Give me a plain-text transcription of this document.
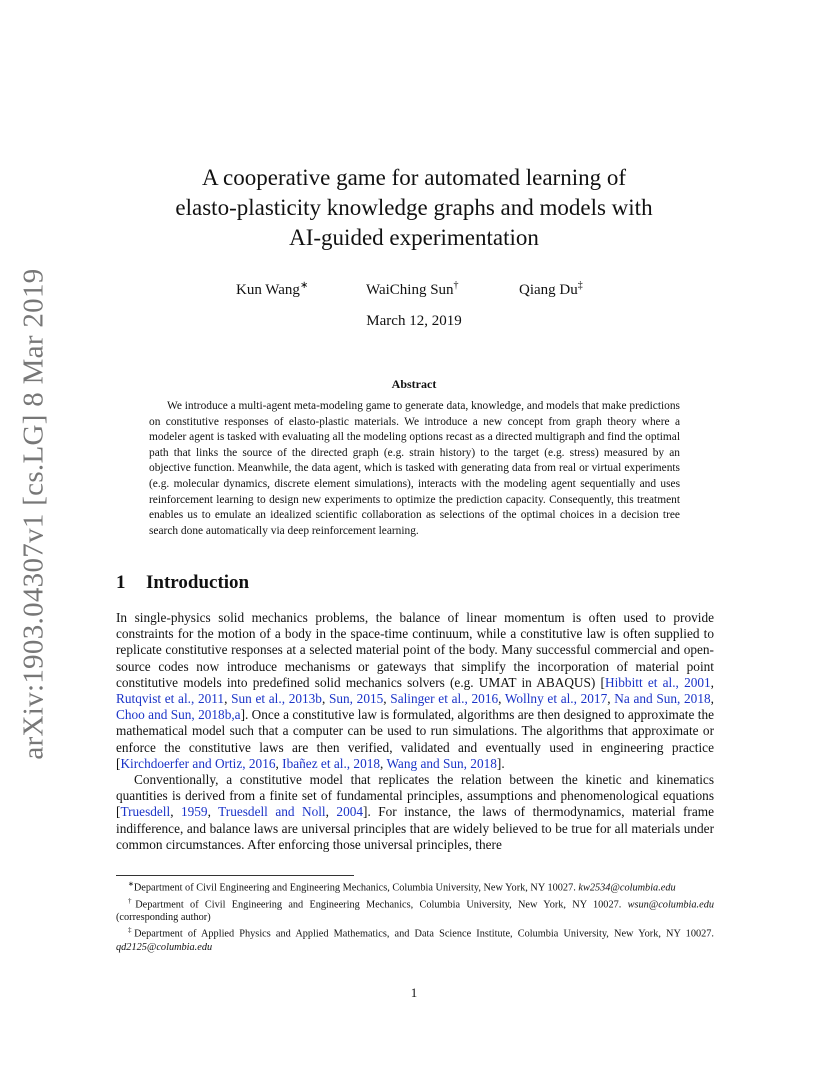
arXiv:1903.04307v1 [cs.LG] 8 Mar 2019
A cooperative game for automated learning of
elasto-plasticity knowledge graphs and models with
AI-guided experimentation
Kun Wang∗	WaiChing Sun†	Qiang Du‡
March 12, 2019
Abstract

We introduce a multi-agent meta-modeling game to generate data, knowledge, and models that make predictions on constitutive responses of elasto-plastic materials. We introduce a new concept from graph theory where a modeler agent is tasked with evaluating all the modeling options recast as a directed multigraph and find the optimal path that links the source of the directed graph (e.g. strain history) to the target (e.g. stress) measured by an objective function. Meanwhile, the data agent, which is tasked with generating data from real or virtual experiments (e.g. molecular dynamics, discrete element simulations), interacts with the modeling agent sequentially and uses reinforcement learning to design new experiments to optimize the prediction capacity. Consequently, this treatment enables us to emulate an idealized scientific collaboration as selections of the optimal choices in a decision tree search done automatically via deep reinforcement learning.

1 Introduction

In single-physics solid mechanics problems, the balance of linear momentum is often used to provide constraints for the motion of a body in the space-time continuum, while a constitutive law is often supplied to replicate constitutive responses at a selected material point of the body. Many successful commercial and open-source codes now introduce mechanisms or gateways that simplify the incorporation of material point constitutive models into predefined solid mechanics solvers (e.g. UMAT in ABAQUS) [Hibbitt et al., 2001, Rutqvist et al., 2011, Sun et al., 2013b, Sun, 2015, Salinger et al., 2016, Wollny et al., 2017, Na and Sun, 2018, Choo and Sun, 2018b,a]. Once a constitutive law is formulated, algorithms are then designed to approximate the mathematical model such that a computer can be used to run simulations. The algorithms that approximate or enforce the constitutive laws are then verified, validated and eventually used in engineering practice [Kirchdoerfer and Ortiz, 2016, Ibañez et al., 2018, Wang and Sun, 2018].

Conventionally, a constitutive model that replicates the relation between the kinetic and kinematics quantities is derived from a finite set of fundamental principles, assumptions and phenomenological equations [Truesdell, 1959, Truesdell and Noll, 2004]. For instance, the laws of thermodynamics, material frame indifference, and balance laws are universal principles that are widely believed to be true for all materials under common circumstances. After enforcing those universal principles, there

∗Department of Civil Engineering and Engineering Mechanics, Columbia University, New York, NY 10027. kw2534@columbia.edu

†Department of Civil Engineering and Engineering Mechanics, Columbia University, New York, NY 10027. wsun@columbia.edu (corresponding author)

‡Department of Applied Physics and Applied Mathematics, and Data Science Institute, Columbia University, New York, NY 10027. qd2125@columbia.edu

1
